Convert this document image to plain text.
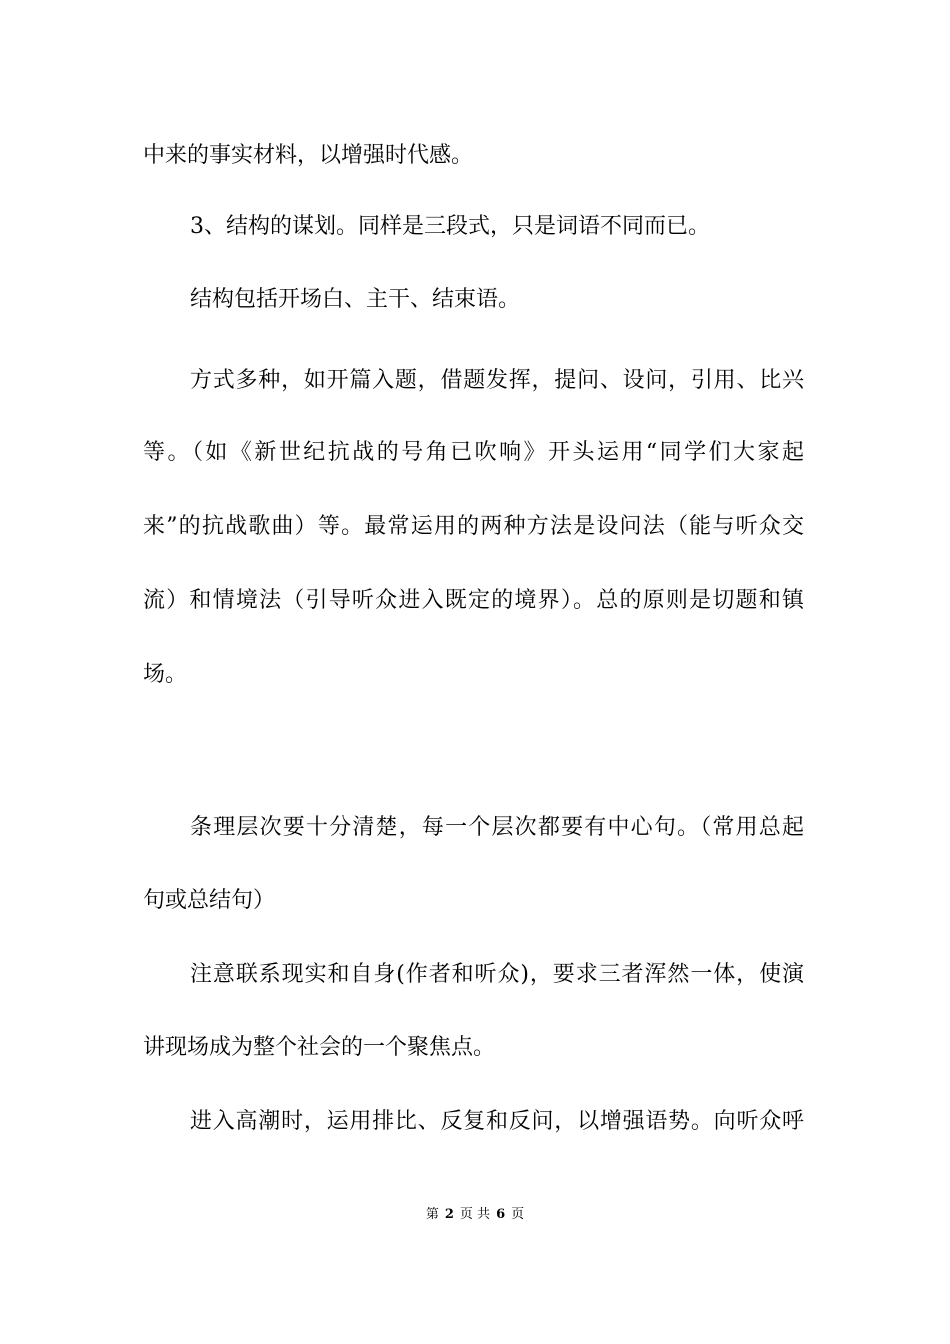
中来的事实材料，以增强时代感。
3、结构的谋划。同样是三段式，只是词语不同而已。
结构包括开场白、主干、结束语。
方式多种，如开篇入题，借题发挥，提问、设问，引用、比兴
等。（如《新世纪抗战的号角已吹响》开头运用“同学们大家起
来”的抗战歌曲）等。最常运用的两种方法是设问法（能与听众交
流）和情境法（引导听众进入既定的境界）。总的原则是切题和镇
场。
条理层次要十分清楚，每一个层次都要有中心句。（常用总起
句或总结句）
注意联系现实和自身(作者和听众)，要求三者浑然一体，使演
讲现场成为整个社会的一个聚焦点。
进入高潮时，运用排比、反复和反问，以增强语势。向听众呼
第 2 页 共 6 页
